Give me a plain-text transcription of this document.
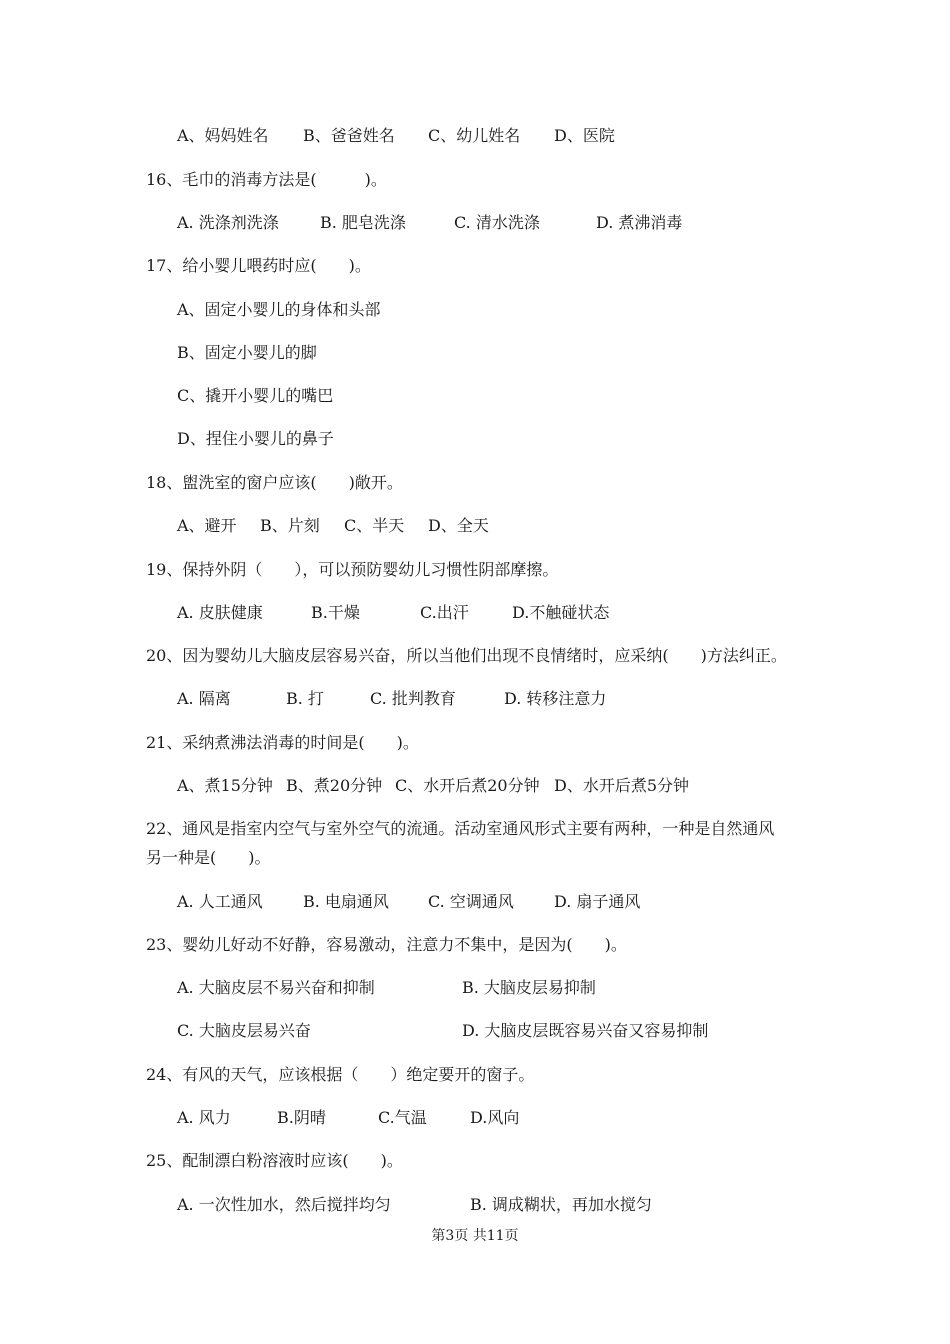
A、妈妈姓名 B、爸爸姓名 C、幼儿姓名 D、医院
16、毛巾的消毒方法是(　　　)。
A. 洗涤剂洗涤	B. 肥皂洗涤	C. 清水洗涤	D. 煮沸消毒
17、给小婴儿喂药时应(　　)。
A、固定小婴儿的身体和头部
B、固定小婴儿的脚
C、撬开小婴儿的嘴巴
D、捏住小婴儿的鼻子
18、盥洗室的窗户应该(　　)敞开。
A、避开 B、片刻 C、半天 D、全天
19、保持外阴（　　），可以预防婴幼儿习惯性阴部摩擦。
A. 皮肤健康	B.干燥	C.出汗	D.不触碰状态
20、因为婴幼儿大脑皮层容易兴奋，所以当他们出现不良情绪时，应采纳(　　)方法纠正。
A. 隔离	B. 打	C. 批判教育	D. 转移注意力
21、采纳煮沸法消毒的时间是(　　)。
A、煮15分钟 B、煮20分钟 C、水开后煮20分钟 D、水开后煮5分钟
22、通风是指室内空气与室外空气的流通。活动室通风形式主要有两种，一种是自然通风
另一种是(　　)。
A. 人工通风	B. 电扇通风 C. 空调通风	D. 扇子通风
23、婴幼儿好动不好静，容易激动，注意力不集中，是因为(　　)。
A. 大脑皮层不易兴奋和抑制	B. 大脑皮层易抑制
C. 大脑皮层易兴奋	D. 大脑皮层既容易兴奋又容易抑制
24、有风的天气，应该根据（　　）绝定要开的窗子。
A. 风力	B.阴晴	C.气温	D.风向
25、配制漂白粉溶液时应该(　　)。
A. 一次性加水，然后搅拌均匀	B. 调成糊状，再加水搅匀
第3页 共11页
